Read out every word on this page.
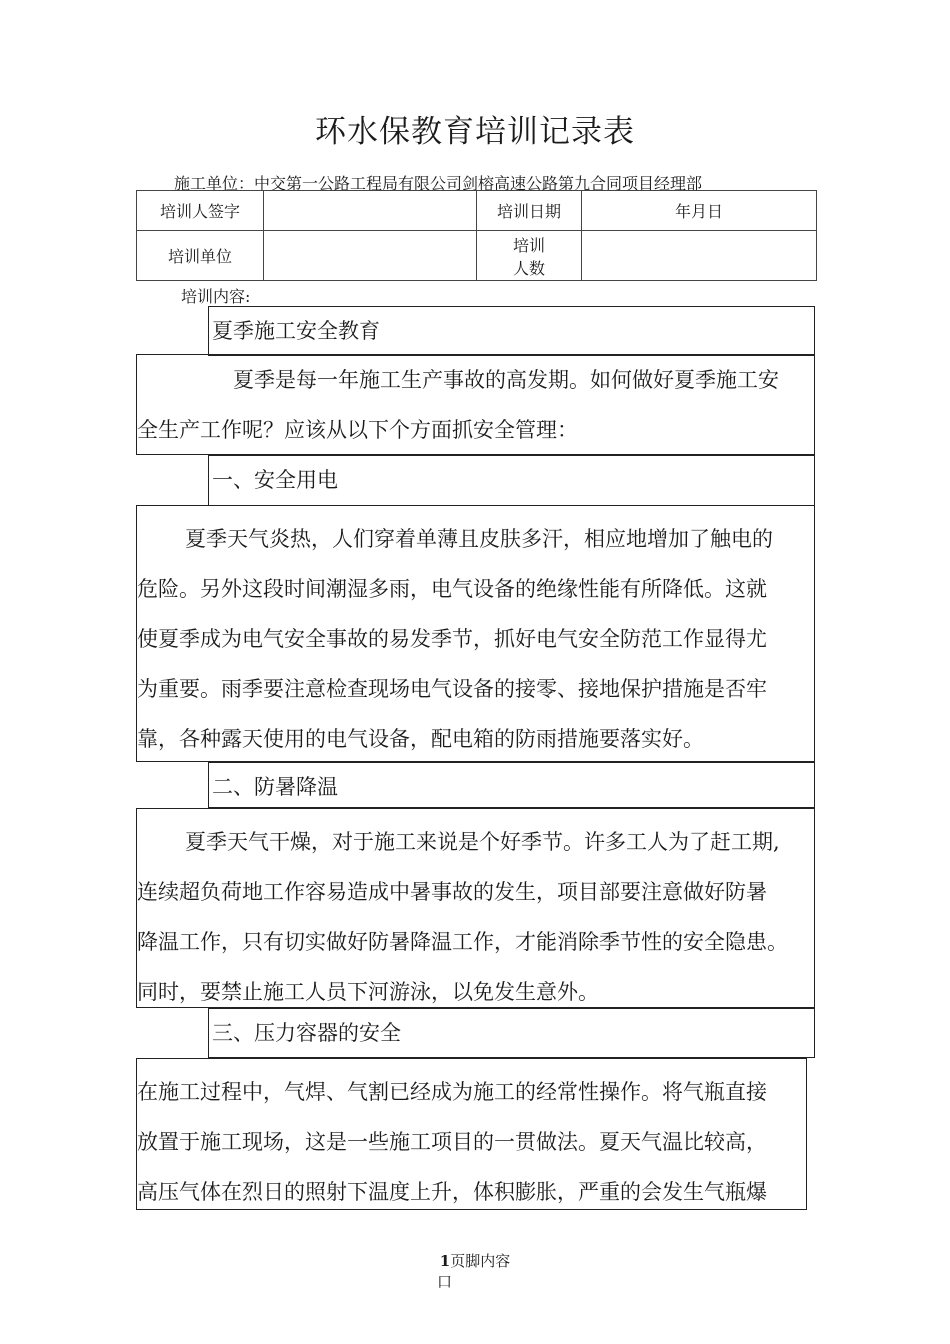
环水保教育培训记录表
施工单位：中交第一公路工程局有限公司剑榕高速公路第九合同项目经理部
培训人签字		培训日期	年月日
培训单位		培训
人数	

培训内容:
夏季施工安全教育

夏季是每一年施工生产事故的高发期。如何做好夏季施工安

全生产工作呢？应该从以下个方面抓安全管理：

一、安全用电

夏季天气炎热，人们穿着单薄且皮肤多汗，相应地增加了触电的

危险。另外这段时间潮湿多雨，电气设备的绝缘性能有所降低。这就

使夏季成为电气安全事故的易发季节，抓好电气安全防范工作显得尤

为重要。雨季要注意检查现场电气设备的接零、接地保护措施是否牢

靠，各种露天使用的电气设备，配电箱的防雨措施要落实好。

二、防暑降温

夏季天气干燥，对于施工来说是个好季节。许多工人为了赶工期,

连续超负荷地工作容易造成中暑事故的发生，项目部要注意做好防暑

降温工作，只有切实做好防暑降温工作，才能消除季节性的安全隐患。

同时，要禁止施工人员下河游泳，以免发生意外。

三、压力容器的安全

在施工过程中，气焊、气割已经成为施工的经常性操作。将气瓶直接

放置于施工现场，这是一些施工项目的一贯做法。夏天气温比较高，

高压气体在烈日的照射下温度上升，体积膨胀，严重的会发生气瓶爆

1页脚内容
口
